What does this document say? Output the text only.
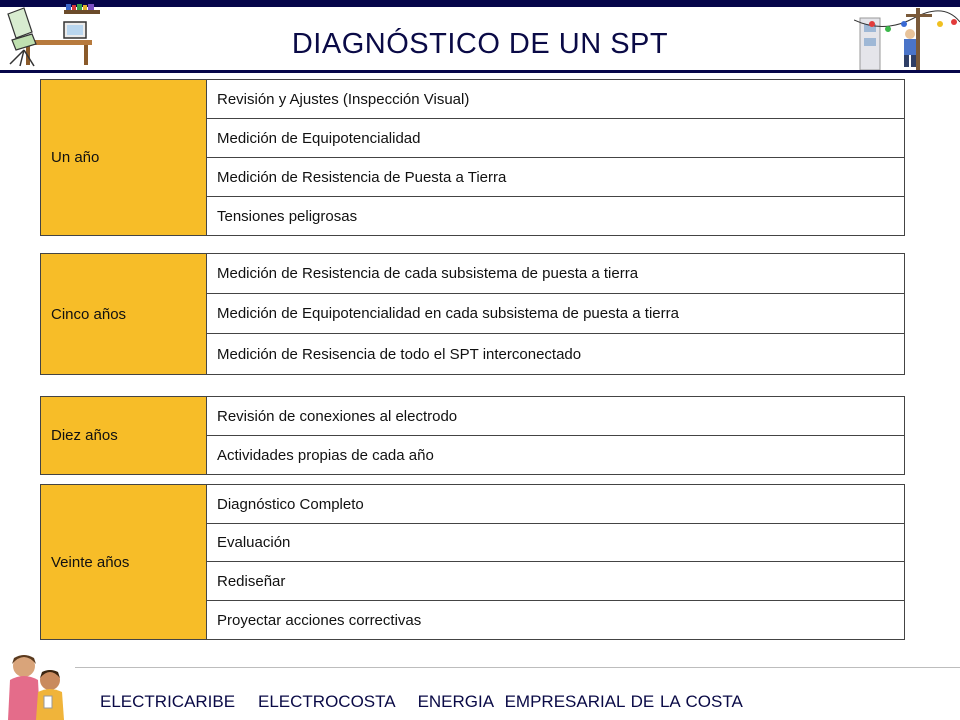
DIAGNÓSTICO DE UN SPT
Un año	Revisión y Ajustes (Inspección Visual)
Medición de Equipotencialidad
Medición de Resistencia de Puesta a Tierra
Tensiones peligrosas
Cinco años	Medición de Resistencia de cada subsistema de puesta a tierra
Medición de Equipotencialidad en cada subsistema de puesta a tierra
Medición de Resisencia de todo el SPT interconectado
Diez años	Revisión de conexiones al electrodo
Actividades propias de cada año
Veinte años	Diagnóstico Completo
Evaluación
Rediseñar
Proyectar acciones correctivas
ELECTRICARIBE ELECTROCOSTA ENERGIA  EMPRESARIAL DE LA COSTA
